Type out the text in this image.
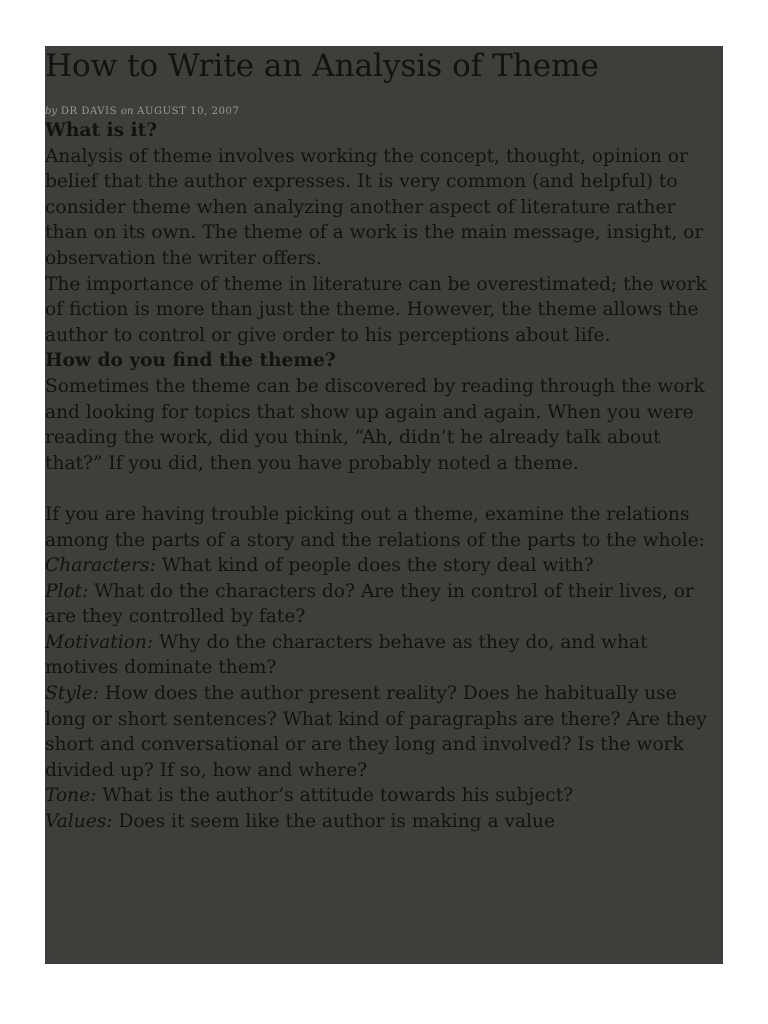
How to Write an Analysis of Theme
by DR DAVIS on AUGUST 10, 2007

What is it?

Analysis of theme involves working the concept, thought, opinion or belief that the author expresses. It is very common (and helpful) to consider theme when analyzing another aspect of literature rather than on its own. The theme of a work is the main message, insight, or observation the writer offers.

The importance of theme in literature can be overestimated; the work of fiction is more than just the theme. However, the theme allows the author to control or give order to his perceptions about life.

How do you find the theme?

Sometimes the theme can be discovered by reading through the work and looking for topics that show up again and again. When you were reading the work, did you think, “Ah, didn’t he already talk about that?” If you did, then you have probably noted a theme.

If you are having trouble picking out a theme, examine the relations among the parts of a story and the relations of the parts to the whole:

Characters: What kind of people does the story deal with?

Plot: What do the characters do? Are they in control of their lives, or are they controlled by fate?

Motivation: Why do the characters behave as they do, and what motives dominate them?

Style: How does the author present reality? Does he habitually use long or short sentences? What kind of paragraphs are there? Are they short and conversational or are they long and involved? Is the work divided up? If so, how and where?

Tone: What is the author’s attitude towards his subject?

Values: Does it seem like the author is making a value
